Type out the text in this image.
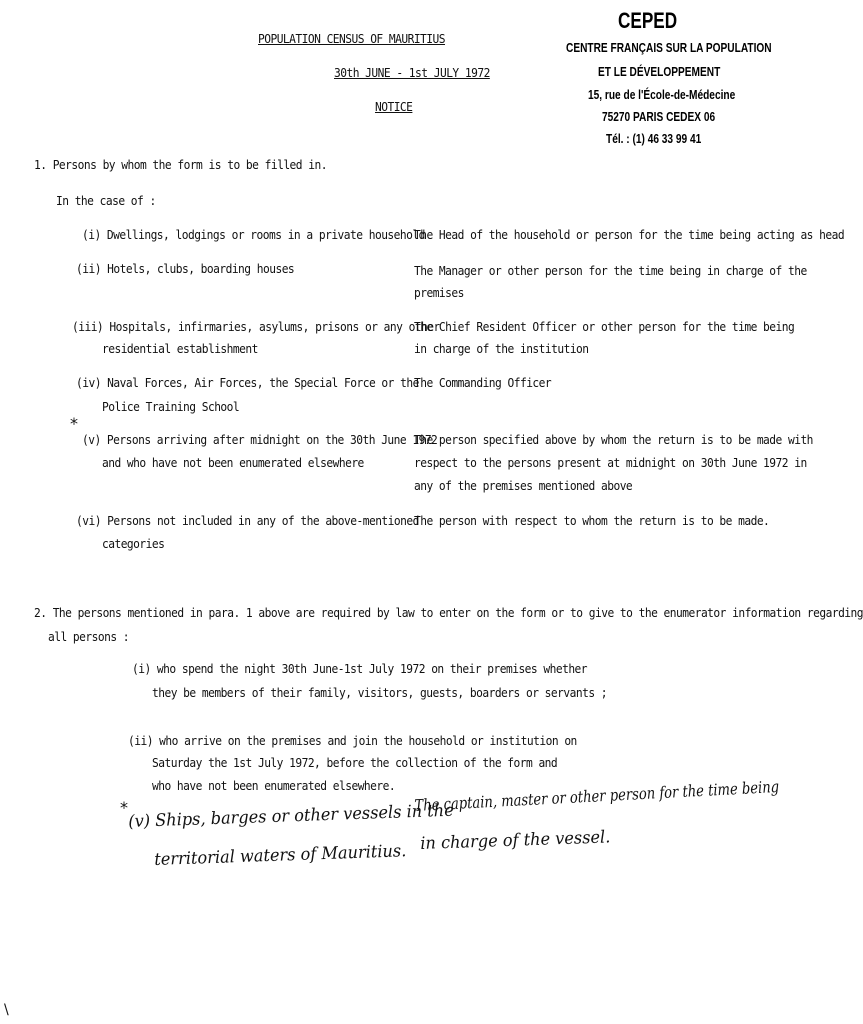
POPULATION CENSUS OF MAURITIUS
30th JUNE - 1st JULY 1972
NOTICE
CEPED
CENTRE FRANÇAIS SUR LA POPULATION
ET LE DÉVELOPPEMENT
15, rue de l'École-de-Médecine
75270 PARIS CEDEX 06
Tél. : (1) 46 33 99 41
1. Persons by whom the form is to be filled in.
In the case of :
(i) Dwellings, lodgings or rooms in a private household
The Head of the household or person for the time being acting as head
(ii) Hotels, clubs, boarding houses	The Manager or other person for the time being in charge of the
premises
(iii) Hospitals, infirmaries, asylums, prisons or any other
residential establishment
The Chief Resident Officer or other person for the time being
in charge of the institution
(iv) Naval Forces, Air Forces, the Special Force or the
Police Training School
The Commanding Officer
*
(v) Persons arriving after midnight on the 30th June 1972
and who have not been enumerated elsewhere
The person specified above by whom the return is to be made with
respect to the persons present at midnight on 30th June 1972 in
any of the premises mentioned above
(vi) Persons not included in any of the above-mentioned
categories
The person with respect to whom the return is to be made.
2. The persons mentioned in para. 1 above are required by law to enter on the form or to give to the enumerator information regarding
all persons :
(i) who spend the night 30th June-1st July 1972 on their premises whether
they be members of their family, visitors, guests, boarders or servants ;
(ii) who arrive on the premises and join the household or institution on
Saturday the 1st July 1972, before the collection of the form and
who have not been enumerated elsewhere.
* (v) Ships, barges or other vessels in the
territorial waters of Mauritius.
The captain, master or other person for the time being
in charge of the vessel.
\
